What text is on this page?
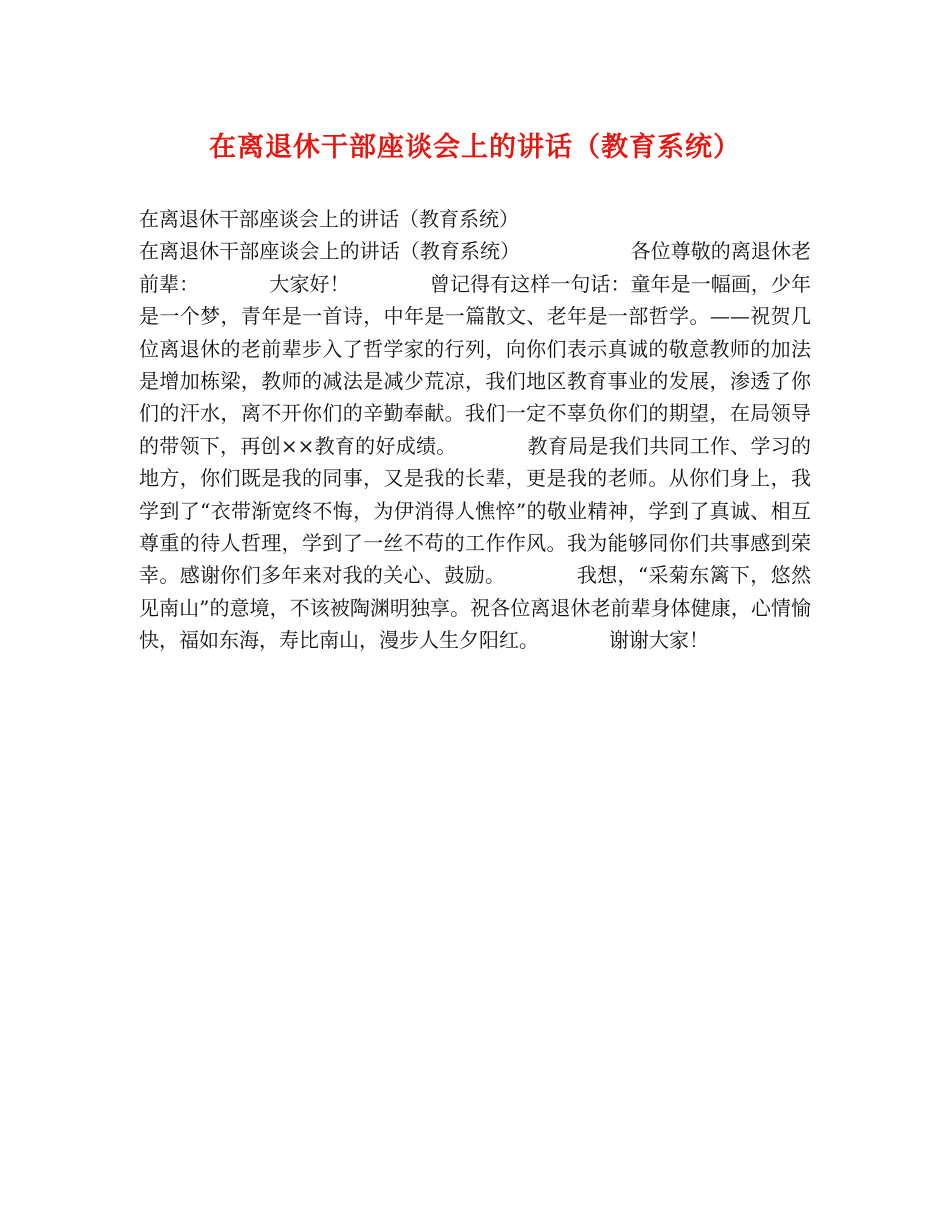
在离退休干部座谈会上的讲话（教育系统）
在离退休干部座谈会上的讲话（教育系统）

在离退休干部座谈会上的讲话（教育系统）　　　　　　各位尊敬的离退休老前辈：　　　　大家好！　　　　曾记得有这样一句话：童年是一幅画，少年是一个梦，青年是一首诗，中年是一篇散文、老年是一部哲学。——祝贺几位离退休的老前辈步入了哲学家的行列，向你们表示真诚的敬意教师的加法是增加栋梁，教师的减法是减少荒凉，我们地区教育事业的发展，渗透了你们的汗水，离不开你们的辛勤奉献。我们一定不辜负你们的期望，在局领导的带领下，再创××教育的好成绩。　　　　教育局是我们共同工作、学习的地方，你们既是我的同事，又是我的长辈，更是我的老师。从你们身上，我学到了“衣带渐宽终不悔，为伊消得人憔悴”的敬业精神，学到了真诚、相互尊重的待人哲理，学到了一丝不苟的工作作风。我为能够同你们共事感到荣幸。感谢你们多年来对我的关心、鼓励。　　　　我想，“采菊东篱下，悠然见南山”的意境，不该被陶渊明独享。祝各位离退休老前辈身体健康，心情愉快，福如东海，寿比南山，漫步人生夕阳红。　　　　谢谢大家！
